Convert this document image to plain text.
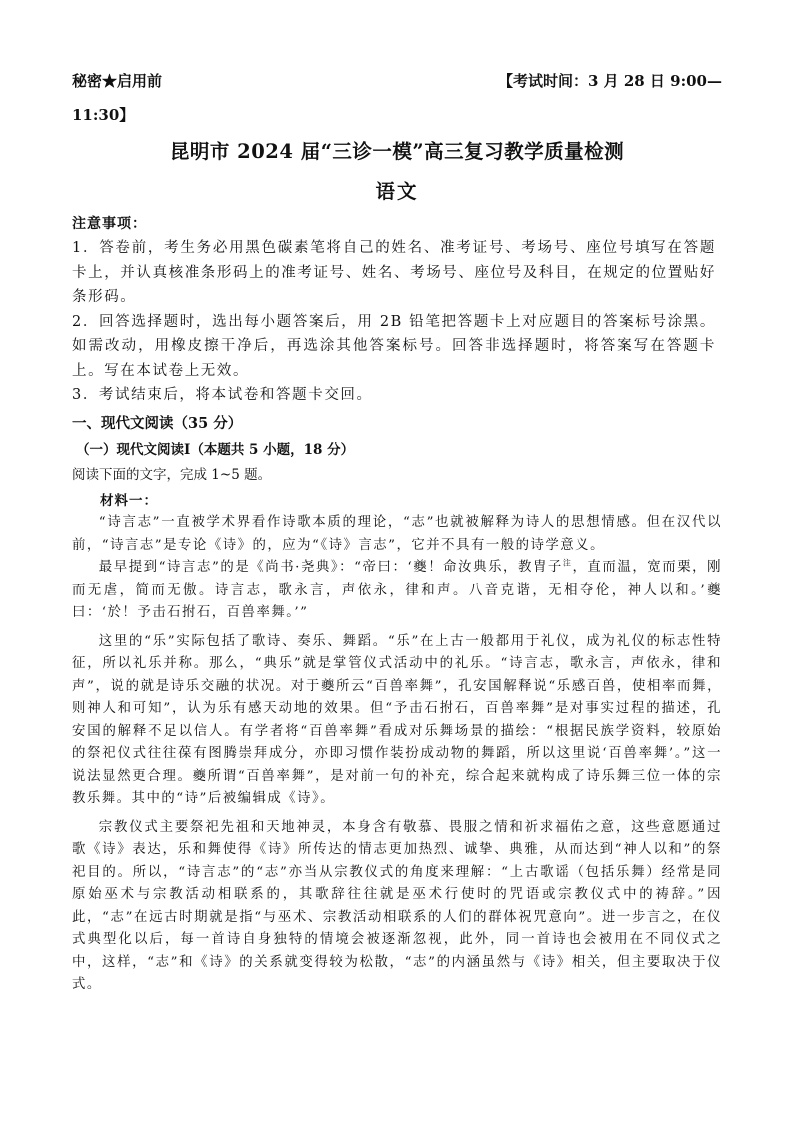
秘密★启用前	【考试时间：3 月 28 日 9:00—
11:30】
昆明市 2024 届“三诊一模”高三复习教学质量检测
语文
注意事项：

1．答卷前，考生务必用黑色碳素笔将自己的姓名、准考证号、考场号、座位号填写在答题卡上，并认真核准条形码上的准考证号、姓名、考场号、座位号及科目，在规定的位置贴好条形码。

2．回答选择题时，选出每小题答案后，用 2B 铅笔把答题卡上对应题目的答案标号涂黑。如需改动，用橡皮擦干净后，再选涂其他答案标号。回答非选择题时，将答案写在答题卡上。写在本试卷上无效。

3．考试结束后，将本试卷和答题卡交回。

一、现代文阅读（35 分）
（一）现代文阅读Ⅰ（本题共 5 小题，18 分）
阅读下面的文字，完成 1~5 题。
材料一：

“诗言志”一直被学术界看作诗歌本质的理论，“志”也就被解释为诗人的思想情感。但在汉代以前，“诗言志”是专论《诗》的，应为“《诗》言志”，它并不具有一般的诗学意义。

最早提到“诗言志”的是《尚书·尧典》：“帝曰：‘夔！命汝典乐，教胄子$^注$，直而温，宽而栗，刚而无虐，简而无傲。诗言志，歌永言，声依永，律和声。八音克谐，无相夺伦，神人以和。’夔曰：‘於！予击石拊石，百兽率舞。’”

这里的“乐”实际包括了歌诗、奏乐、舞蹈。“乐”在上古一般都用于礼仪，成为礼仪的标志性特征，所以礼乐并称。那么，“典乐”就是掌管仪式活动中的礼乐。“诗言志，歌永言，声依永，律和声”，说的就是诗乐交融的状况。对于夔所云“百兽率舞”，孔安国解释说“乐感百兽，使相率而舞，则神人和可知”，认为乐有感天动地的效果。但“予击石拊石，百兽率舞”是对事实过程的描述，孔安国的解释不足以信人。有学者将“百兽率舞”看成对乐舞场景的描绘：“根据民族学资料，较原始的祭祀仪式往往葆有图腾崇拜成分，亦即习惯作装扮成动物的舞蹈，所以这里说‘百兽率舞’。”这一说法显然更合理。夔所谓“百兽率舞”，是对前一句的补充，综合起来就构成了诗乐舞三位一体的宗教乐舞。其中的“诗”后被编辑成《诗》。

宗教仪式主要祭祀先祖和天地神灵，本身含有敬慕、畏服之情和祈求福佑之意，这些意愿通过歌《诗》表达，乐和舞使得《诗》所传达的情志更加热烈、诚挚、典雅，从而达到“神人以和”的祭祀目的。所以，“诗言志”的“志”亦当从宗教仪式的角度来理解：“上古歌谣（包括乐舞）经常是同原始巫术与宗教活动相联系的，其歌辞往往就是巫术行使时的咒语或宗教仪式中的祷辞。”因此，“志”在远古时期就是指“与巫术、宗教活动相联系的人们的群体祝咒意向”。进一步言之，在仪式典型化以后，每一首诗自身独特的情境会被逐渐忽视，此外，同一首诗也会被用在不同仪式之中，这样，“志”和《诗》的关系就变得较为松散，“志”的内涵虽然与《诗》相关，但主要取决于仪式。
